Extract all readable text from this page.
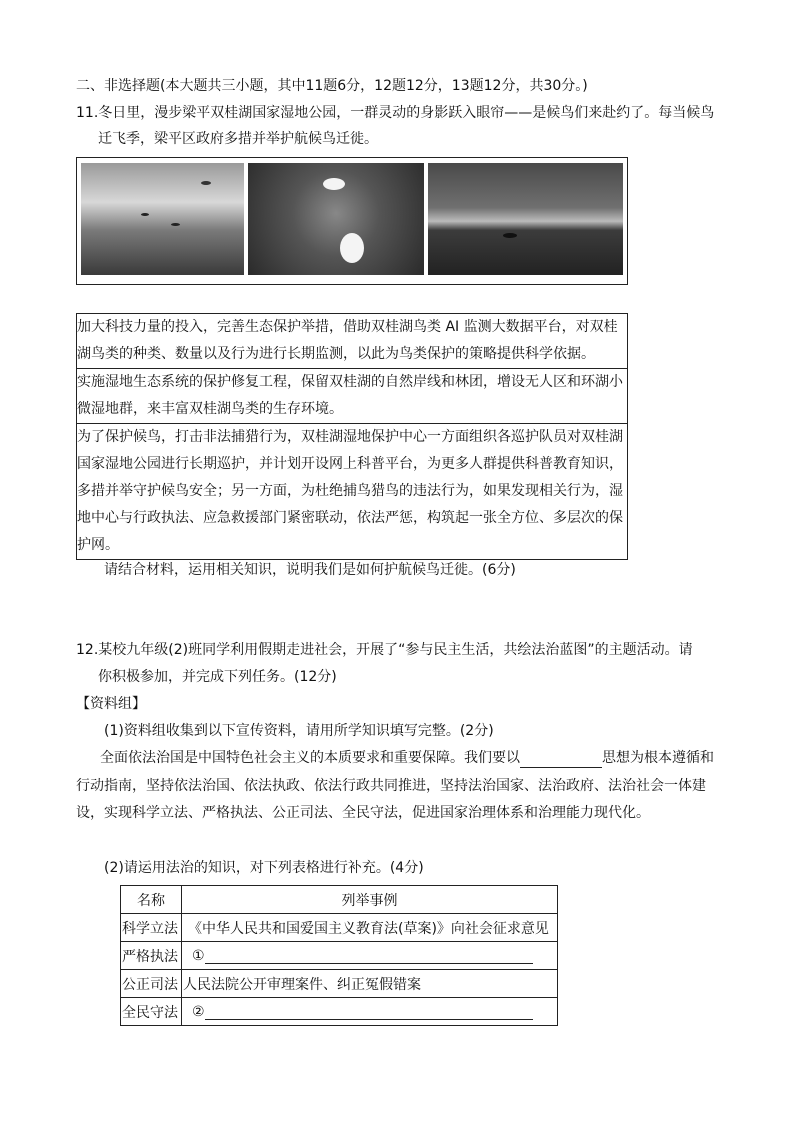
二、非选择题(本大题共三小题，其中11题6分，12题12分，13题12分，共30分。)
11.冬日里，漫步梁平双桂湖国家湿地公园，一群灵动的身影跃入眼帘——是候鸟们来赴约了。每当候鸟
迁飞季，梁平区政府多措并举护航候鸟迁徙。
加大科技力量的投入，完善生态保护举措，借助双桂湖鸟类 AI 监测大数据平台，对双桂
湖鸟类的种类、数量以及行为进行长期监测，以此为鸟类保护的策略提供科学依据。
实施湿地生态系统的保护修复工程，保留双桂湖的自然岸线和林团，增设无人区和环湖小
微湿地群，来丰富双桂湖鸟类的生存环境。
为了保护候鸟，打击非法捕猎行为，双桂湖湿地保护中心一方面组织各巡护队员对双桂湖
国家湿地公园进行长期巡护，并计划开设网上科普平台，为更多人群提供科普教育知识，
多措并举守护候鸟安全；另一方面，为杜绝捕鸟猎鸟的违法行为，如果发现相关行为，湿
地中心与行政执法、应急救援部门紧密联动，依法严惩，构筑起一张全方位、多层次的保
护网。
请结合材料，运用相关知识，说明我们是如何护航候鸟迁徙。(6分)
12.某校九年级(2)班同学利用假期走进社会，开展了“参与民主生活，共绘法治蓝图”的主题活动。请
你积极参加，并完成下列任务。(12分)
【资料组】
(1)资料组收集到以下宣传资料，请用所学知识填写完整。(2分)
全面依法治国是中国特色社会主义的本质要求和重要保障。我们要以	思想为根本遵循和
行动指南，坚持依法治国、依法执政、依法行政共同推进，坚持法治国家、法治政府、法治社会一体建
设，实现科学立法、严格执法、公正司法、全民守法，促进国家治理体系和治理能力现代化。
(2)请运用法治的知识，对下列表格进行补充。(4分)
名称	列举事例
科学立法	《中华人民共和国爱国主义教育法(草案)》向社会征求意见
严格执法	①
公正司法	人民法院公开审理案件、纠正冤假错案
全民守法	②
